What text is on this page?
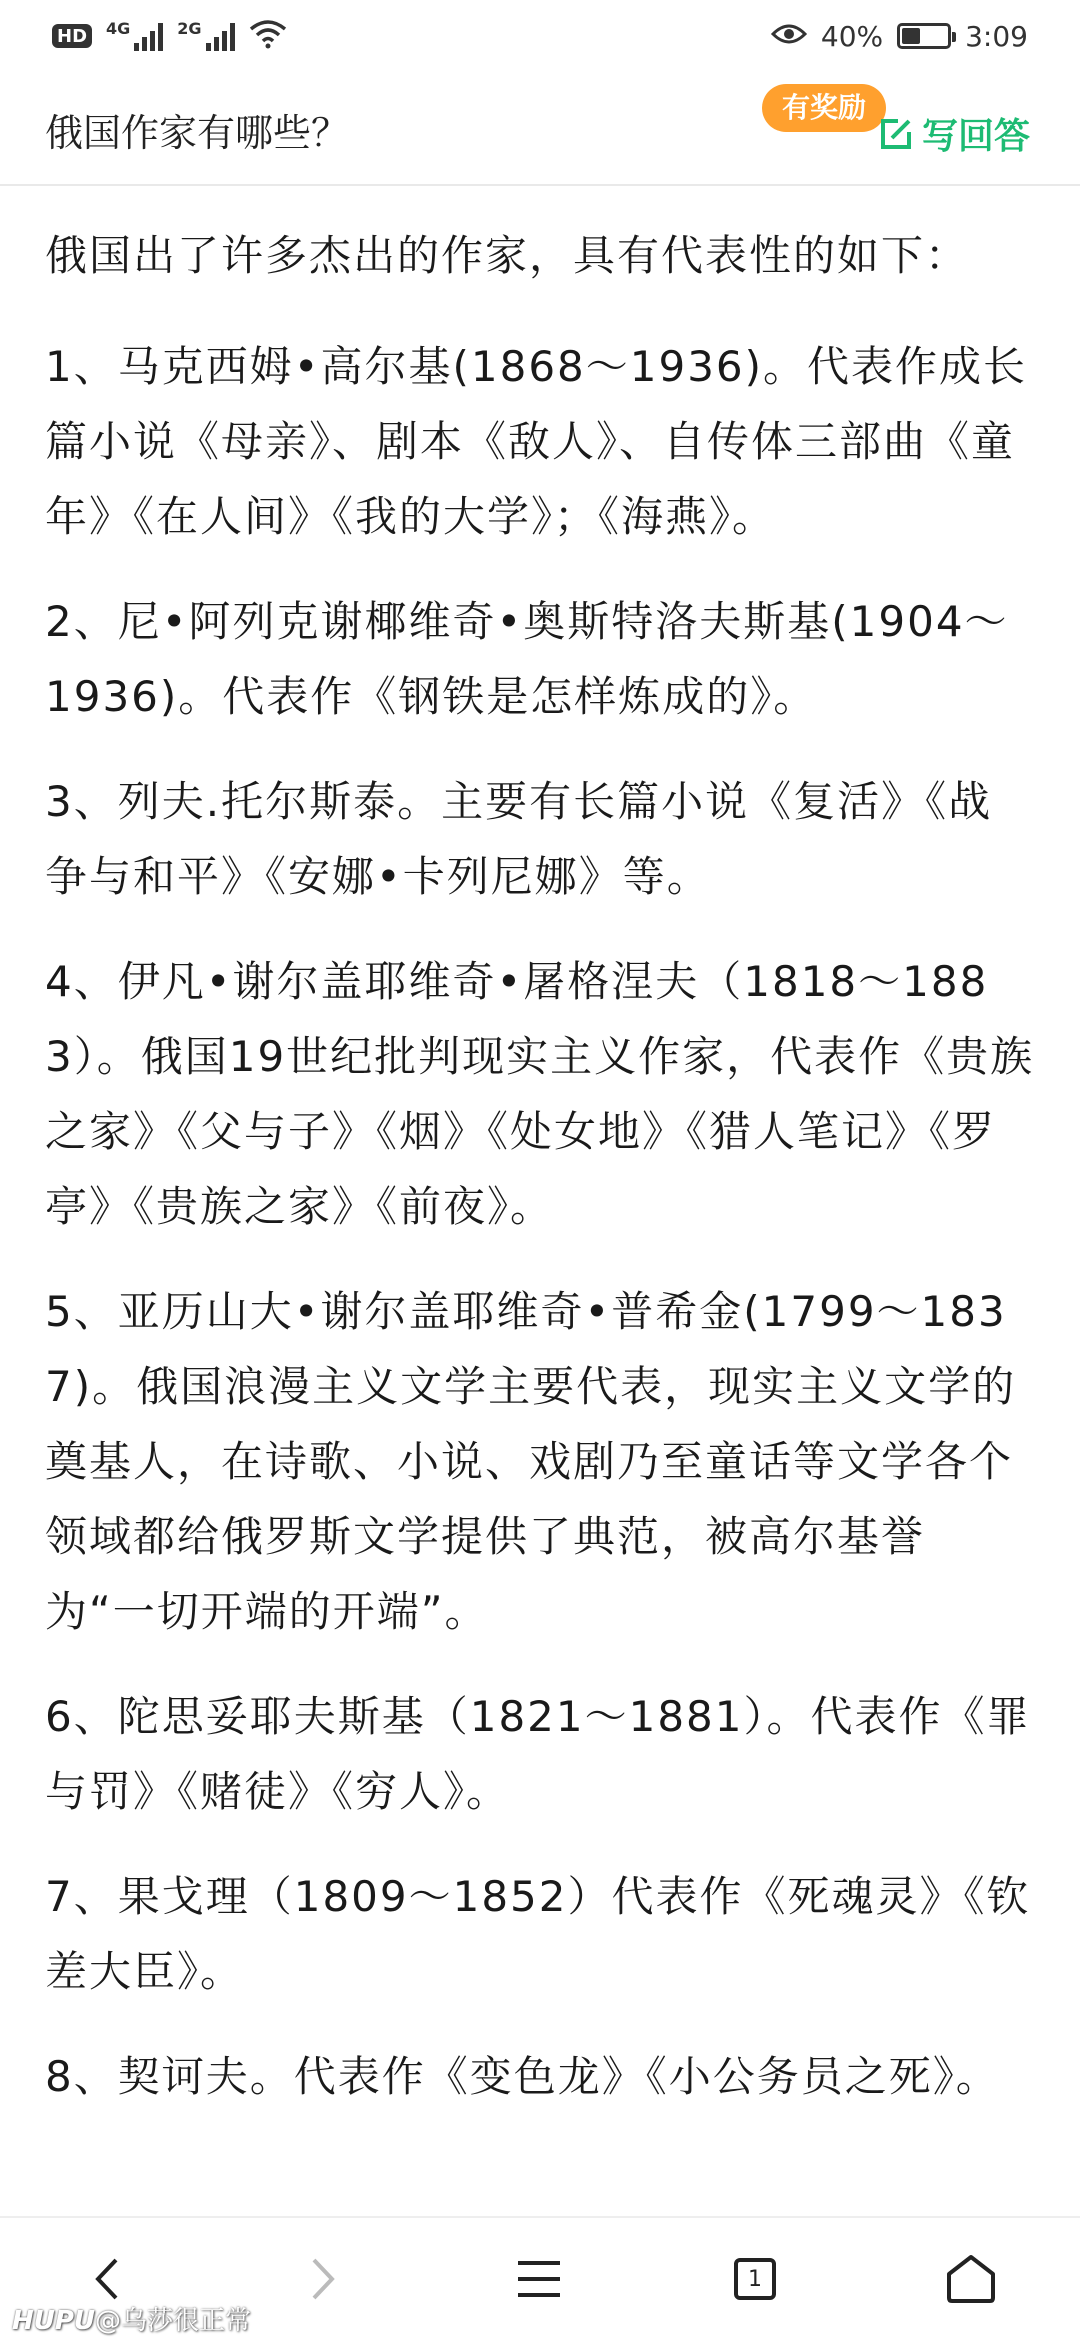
HD	4G	2G	40%	3:09
俄国作家有哪些？
有奖励
写回答

俄国出了许多杰出的作家，具有代表性的如下：

1、马克西姆•高尔基(1868～1936)。代表作成长篇小说《母亲》、剧本《敌人》、自传体三部曲《童年》《在人间》《我的大学》；《海燕》。

2、尼•阿列克谢椰维奇•奥斯特洛夫斯基(1904～1936)。代表作《钢铁是怎样炼成的》。

3、列夫.托尔斯泰。主要有长篇小说《复活》《战争与和平》《安娜•卡列尼娜》等。

4、伊凡•谢尔盖耶维奇•屠格涅夫（1818～1883）。俄国19世纪批判现实主义作家，代表作《贵族之家》《父与子》《烟》《处女地》《猎人笔记》《罗亭》《贵族之家》《前夜》。

5、亚历山大•谢尔盖耶维奇•普希金(1799～1837)。俄国浪漫主义文学主要代表，现实主义文学的奠基人，在诗歌、小说、戏剧乃至童话等文学各个领域都给俄罗斯文学提供了典范，被高尔基誉为“一切开端的开端”。

6、陀思妥耶夫斯基（1821～1881）。代表作《罪与罚》《赌徒》《穷人》。

7、果戈理（1809～1852）代表作《死魂灵》《钦差大臣》。

8、契诃夫。代表作《变色龙》《小公务员之死》。

1
HUPU@乌莎很正常
